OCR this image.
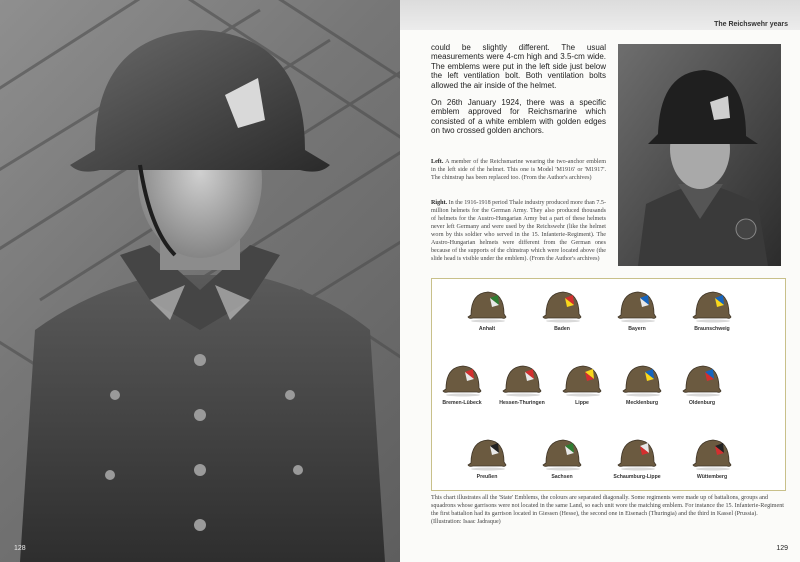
128
The Reichswehr years

could be slightly different. The usual measurements were 4-cm high and 3.5-cm wide. The emblems were put in the left side just below the left ventilation bolt. Both ventilation bolts allowed the air inside of the helmet.

On 26th January 1924, there was a specific emblem approved for Reichsmarine which consisted of a white emblem with golden edges on two crossed golden anchors.

Left. A member of the Reichsmarine wearing the two-anchor emblem in the left side of the helmet. This one is Model 'M1916' or 'M1917'. The chinstrap has been replaced too. (From the Author's archives)

Right. In the 1916-1918 period Thale industry produced more than 7.5-million helmets for the German Army. They also produced thousands of helmets for the Austro-Hungarian Army but a part of these helmets never left Germany and were used by the Reichswehr (like the helmet worn by this soldier who served in the 15. Infanterie-Regiment). The Austro-Hungarian helmets were different from the German ones because of the supports of the chinstrap which were located above (the slide head is visible under the emblem). (From the Author's archives)

Anhalt	Baden	Bayern	Braunschweig
Bremen-Lübeck	Hessen-Thuringen	Lippe	Mecklenburg	Oldenburg
Preußen	Sachsen	Schaumburg-Lippe	Wüttemberg

This chart illustrates all the 'State' Emblems, the colours are separated diagonally. Some regiments were made up of battalions, groups and squadrons whose garrisons were not located in the same Land, so each unit wore the matching emblem. For instance the 15. Infanterie-Regiment the first battalion had its garrison located in Giessen (Hesse), the second one in Eisenach (Thuringia) and the third in Kassel (Prussia). (Illustration: Isaac Jadraque)

129
